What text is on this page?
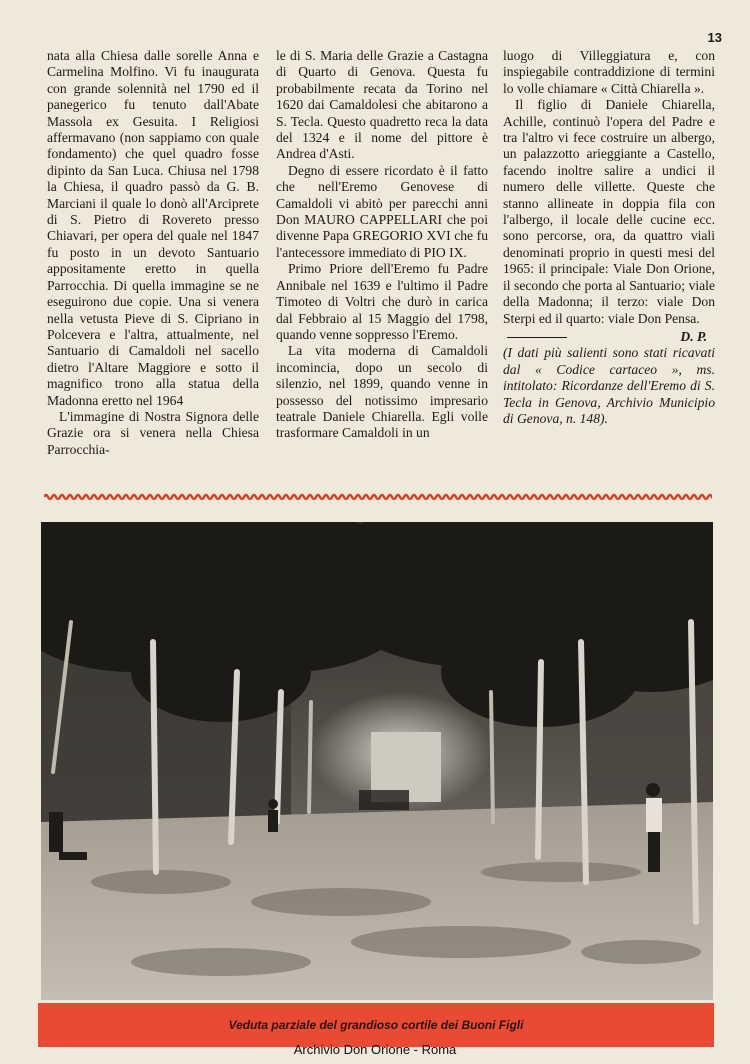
13

nata alla Chiesa dalle sorelle Anna e Carmelina Molfino. Vi fu inaugurata con grande solennità nel 1790 ed il panegerico fu tenuto dall'Abate Massola ex Gesuita. I Religiosi affermavano (non sappiamo con quale fondamento) che quel quadro fosse dipinto da San Luca. Chiusa nel 1798 la Chiesa, il quadro passò da G. B. Marciani il quale lo donò all'Arciprete di S. Pietro di Rovereto presso Chiavari, per opera del quale nel 1847 fu posto in un devoto Santuario appositamente eretto in quella Parrocchia. Di quella immagine se ne eseguirono due copie. Una si venera nella vetusta Pieve di S. Cipriano in Polcevera e l'altra, attualmente, nel Santuario di Camaldoli nel sacello dietro l'Altare Maggiore e sotto il magnifico trono alla statua della Madonna eretto nel 1964

L'immagine di Nostra Signora delle Grazie ora si venera nella Chiesa Parrocchia-

le di S. Maria delle Grazie a Castagna di Quarto di Genova. Questa fu probabilmente recata da Torino nel 1620 dai Camaldolesi che abitarono a S. Tecla. Questo quadretto reca la data del 1324 e il nome del pittore è Andrea d'Asti.

Degno di essere ricordato è il fatto che nell'Eremo Genovese di Camaldoli vi abitò per parecchi anni Don MAURO CAPPELLARI che poi divenne Papa GREGORIO XVI che fu l'antecessore immediato di PIO IX.

Primo Priore dell'Eremo fu Padre Annibale nel 1639 e l'ultimo il Padre Timoteo di Voltri che durò in carica dal Febbraio al 15 Maggio del 1798, quando venne soppresso l'Eremo.

La vita moderna di Camaldoli incomincia, dopo un secolo di silenzio, nel 1899, quando venne in possesso del notissimo impresario teatrale Daniele Chiarella. Egli volle trasformare Camaldoli in un

luogo di Villeggiatura e, con inspiegabile contraddizione di termini lo volle chiamare « Città Chiarella ».

Il figlio di Daniele Chiarella, Achille, continuò l'opera del Padre e tra l'altro vi fece costruire un albergo, un palazzotto arieggiante a Castello, facendo inoltre salire a undici il numero delle villette. Queste che stanno allineate in doppia fila con l'albergo, il locale delle cucine ecc. sono percorse, ora, da quattro viali denominati proprio in questi mesi del 1965: il principale: Viale Don Orione, il secondo che porta al Santuario; viale della Madonna; il terzo: viale Don Sterpi ed il quarto: viale Don Pensa.

D. P.

(I dati più salienti sono stati ricavati dal « Codice cartaceo », ms. intitolato: Ricordanze dell'Eremo di S. Tecla in Genova, Archivio Municipio di Genova, n. 148).

Veduta parziale del grandioso cortile dei Buoni Figli
Archivio Don Orione - Roma
